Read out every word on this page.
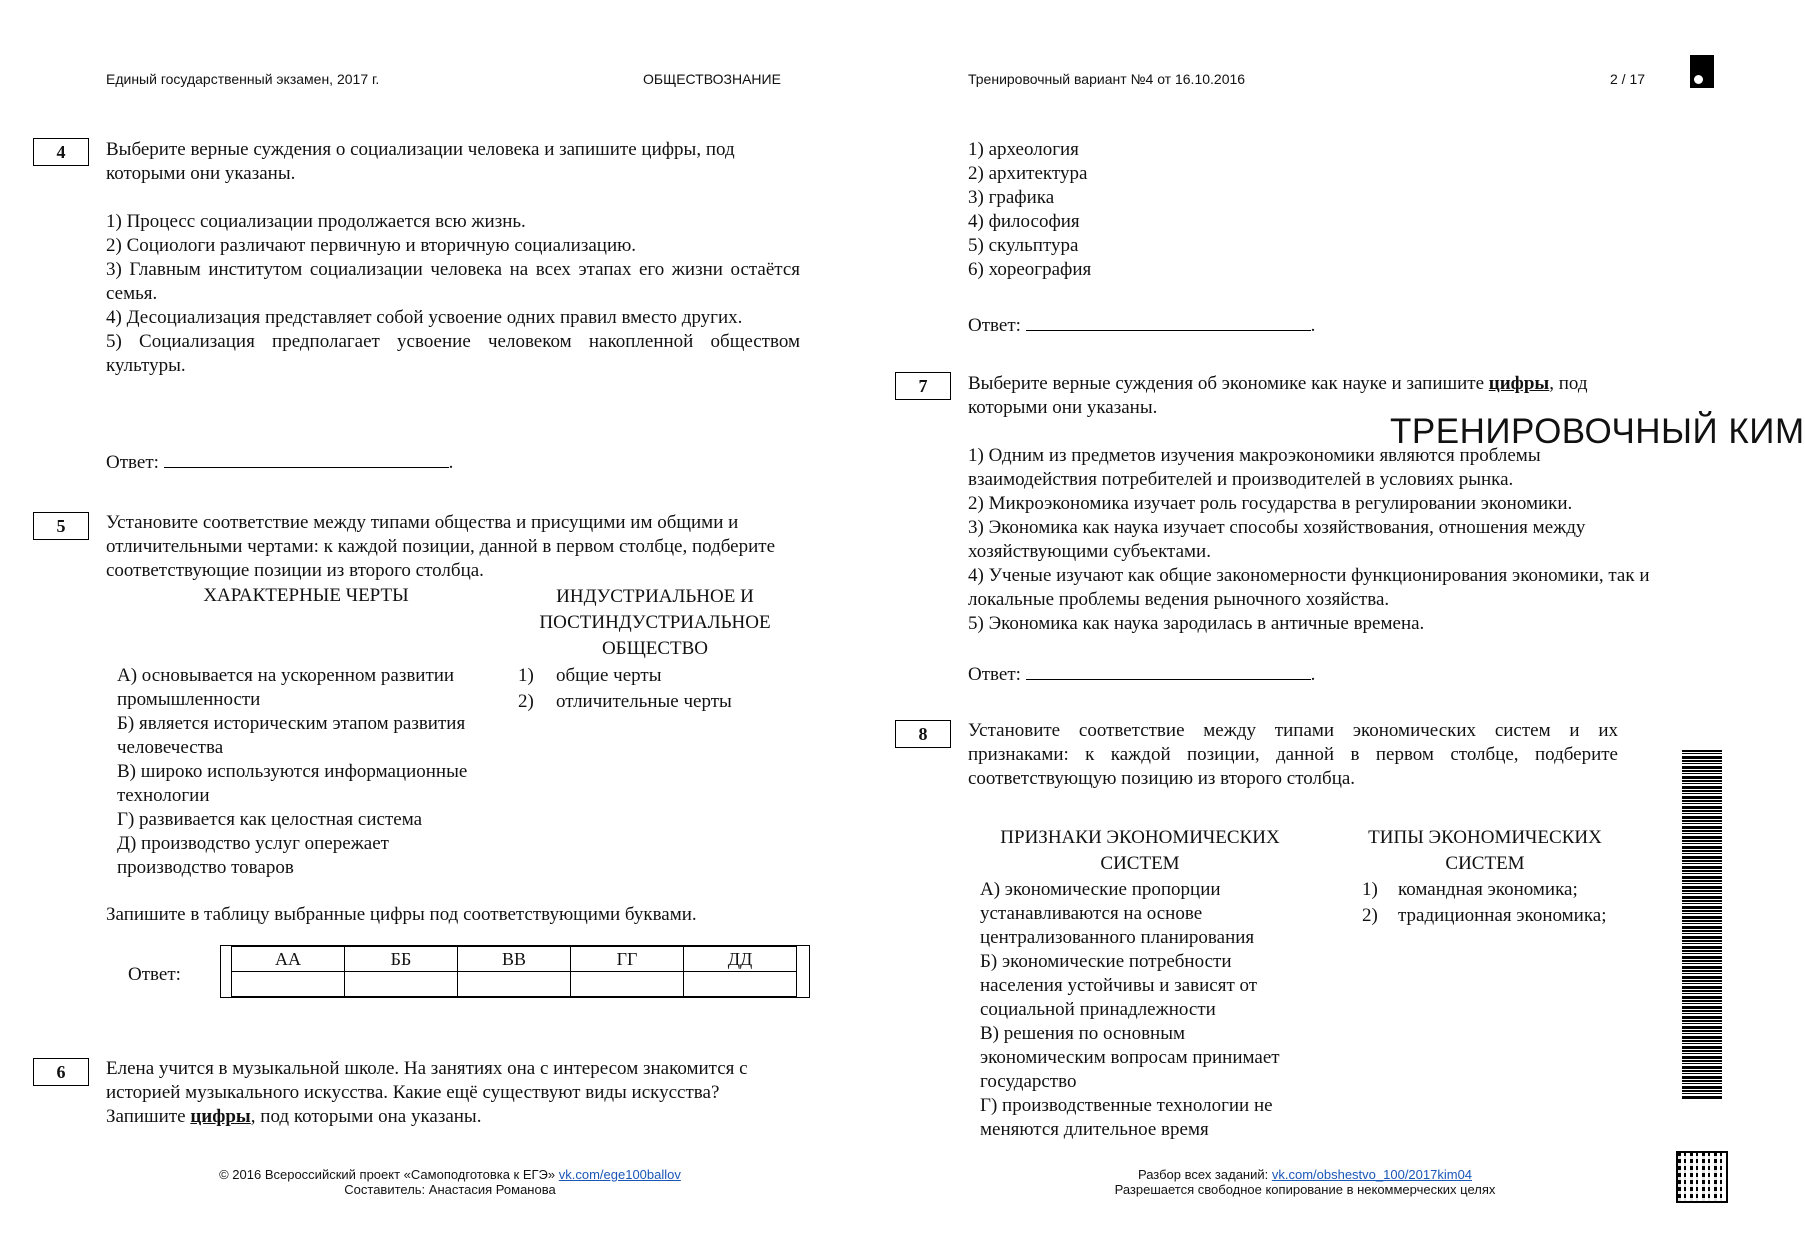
Единый государственный экзамен, 2017 г.	ОБЩЕСТВОЗНАНИЕ	Тренировочный вариант №4 от 16.10.2016	2 / 17
4	Выберите верные суждения о социализации человека и запишите цифры, под которыми они указаны.
1) Процесс социализации продолжается всю жизнь.
2) Социологи различают первичную и вторичную социализацию.
3) Главным институтом социализации человека на всех этапах его жизни остаётся семья.
4) Десоциализация представляет собой усвоение одних правил вместо других.
5) Социализация предполагает усвоение человеком накопленной обществом культуры.
Ответ:	.
5	Установите соответствие между типами общества и присущими им общими и отличительными чертами: к каждой позиции, данной в первом столбце, подберите соответствующие позиции из второго столбца.
ХАРАКТЕРНЫЕ ЧЕРТЫ	ИНДУСТРИАЛЬНОЕ И
ПОСТИНДУСТРИАЛЬНОЕ
ОБЩЕСТВО
А) основывается на ускоренном развитии промышленности
Б) является историческим этапом развития человечества
В) широко используются информационные технологии
Г) развивается как целостная система
Д) производство услуг опережает производство товаров
1) общие черты
2) отличительные черты
Запишите в таблицу выбранные цифры под соответствующими буквами.
Ответ:
АА	ББ	ВВ	ГГ	ДД

6	Елена учится в музыкальной школе. На занятиях она с интересом знакомится с историей музыкального искусства. Какие ещё существуют виды искусства? Запишите цифры, под которыми она указаны.
1) археология
2) архитектура
3) графика
4) философия
5) скульптура
6) хореография
Ответ:	.
7	Выберите верные суждения об экономике как науке и запишите цифры, под которыми они указаны.
ТРЕНИРОВОЧНЫЙ КИМ
1) Одним из предметов изучения макроэкономики являются проблемы взаимодействия потребителей и производителей в условиях рынка.
2) Микроэкономика изучает роль государства в регулировании экономики.
3) Экономика как наука изучает способы хозяйствования, отношения между хозяйствующими субъектами.
4) Ученые изучают как общие закономерности функционирования экономики, так и локальные проблемы ведения рыночного хозяйства.
5) Экономика как наука зародилась в античные времена.
Ответ:	.
8	Установите соответствие между типами экономических систем и их признаками: к каждой позиции, данной в первом столбце, подберите соответствующую позицию из второго столбца.
ПРИЗНАКИ ЭКОНОМИЧЕСКИХ
СИСТЕМ
ТИПЫ ЭКОНОМИЧЕСКИХ
СИСТЕМ
А) экономические пропорции устанавливаются на основе централизованного планирования
Б) экономические потребности населения устойчивы и зависят от социальной принадлежности
В) решения по основным экономическим вопросам принимает государство
Г) производственные технологии не меняются длительное время
1) командная экономика;
2) традиционная экономика;
© 2016 Всероссийский проект «Самоподготовка к ЕГЭ» vk.com/ege100ballov
Составитель: Анастасия Романова
Разбор всех заданий: vk.com/obshestvo_100/2017kim04
Разрешается свободное копирование в некоммерческих целях
